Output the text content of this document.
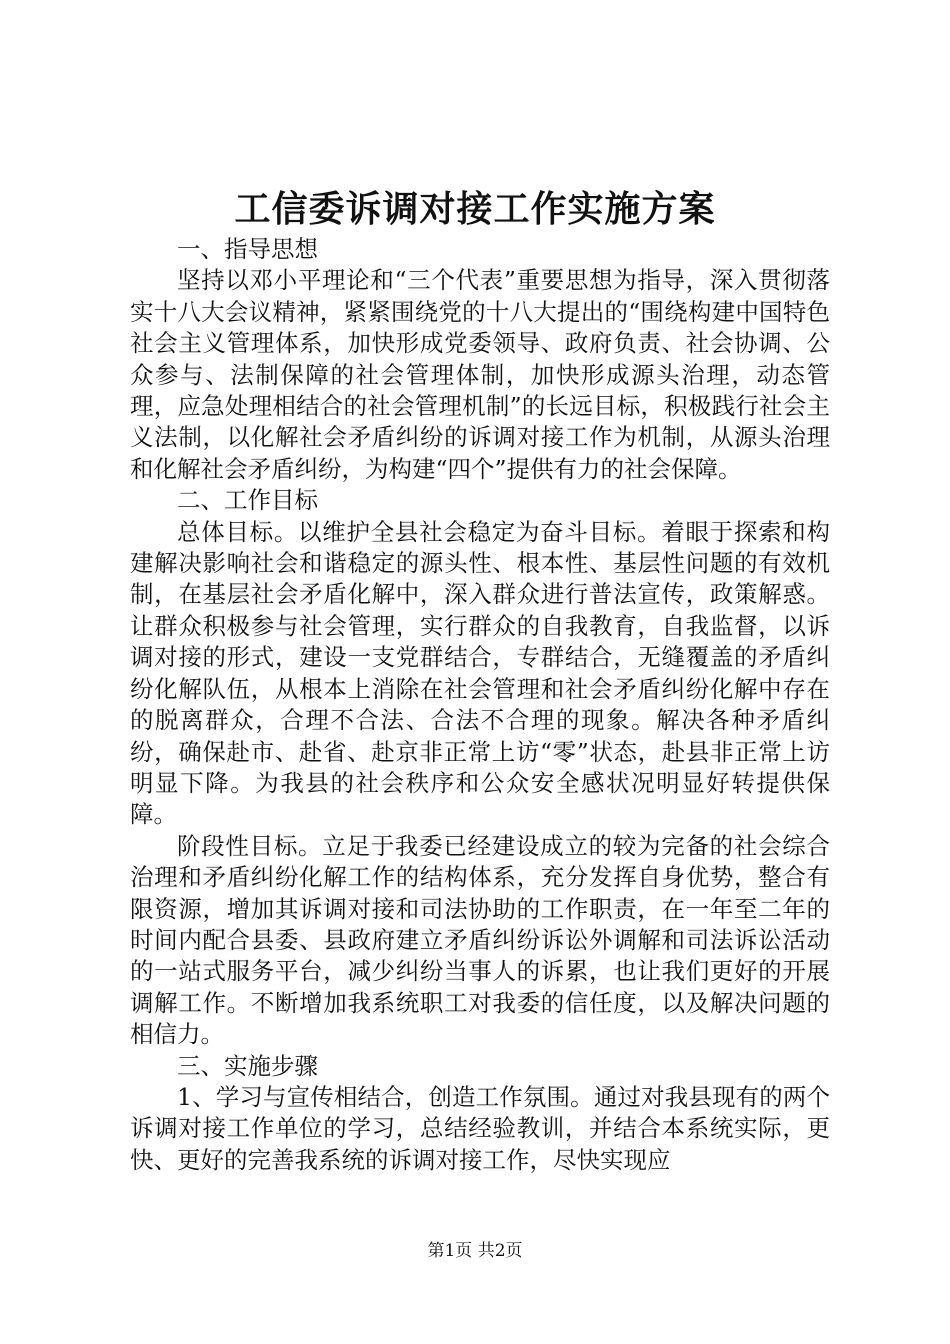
工信委诉调对接工作实施方案

一、指导思想

坚持以邓小平理论和“三个代表”重要思想为指导，深入贯彻落实十八大会议精神，紧紧围绕党的十八大提出的“围绕构建中国特色社会主义管理体系，加快形成党委领导、政府负责、社会协调、公众参与、法制保障的社会管理体制，加快形成源头治理，动态管理，应急处理相结合的社会管理机制”的长远目标，积极践行社会主义法制，以化解社会矛盾纠纷的诉调对接工作为机制，从源头治理和化解社会矛盾纠纷，为构建“四个”提供有力的社会保障。

二、工作目标

总体目标。以维护全县社会稳定为奋斗目标。着眼于探索和构建解决影响社会和谐稳定的源头性、根本性、基层性问题的有效机制，在基层社会矛盾化解中，深入群众进行普法宣传，政策解惑。让群众积极参与社会管理，实行群众的自我教育，自我监督，以诉调对接的形式，建设一支党群结合，专群结合，无缝覆盖的矛盾纠纷化解队伍，从根本上消除在社会管理和社会矛盾纠纷化解中存在的脱离群众，合理不合法、合法不合理的现象。解决各种矛盾纠纷，确保赴市、赴省、赴京非正常上访“零”状态，赴县非正常上访明显下降。为我县的社会秩序和公众安全感状况明显好转提供保障。

阶段性目标。立足于我委已经建设成立的较为完备的社会综合治理和矛盾纠纷化解工作的结构体系，充分发挥自身优势，整合有限资源，增加其诉调对接和司法协助的工作职责，在一年至二年的时间内配合县委、县政府建立矛盾纠纷诉讼外调解和司法诉讼活动的一站式服务平台，减少纠纷当事人的诉累，也让我们更好的开展调解工作。不断增加我系统职工对我委的信任度，以及解决问题的相信力。

三、实施步骤

1、学习与宣传相结合，创造工作氛围。通过对我县现有的两个诉调对接工作单位的学习，总结经验教训，并结合本系统实际，更快、更好的完善我系统的诉调对接工作，尽快实现应

第1页 共2页
